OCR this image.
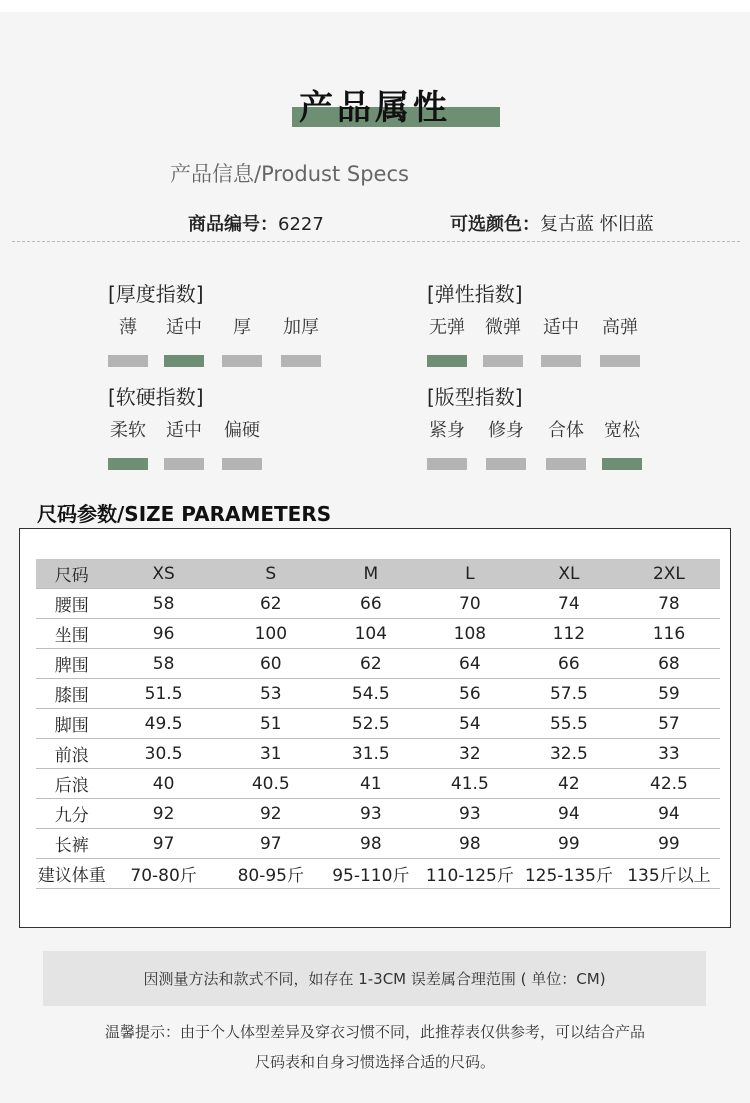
产品属性
产品信息/Produst Specs
商品编号：6227	可选颜色：复古蓝 怀旧蓝
[厚度指数]
薄	适中	厚	加厚
[弹性指数]
无弹 微弹 适中 高弹
[软硬指数]
柔软 适中 偏硬
[版型指数]
紧身 修身 合体 宽松
尺码参数/SIZE PARAMETERS
尺码	XS	S	M	L	XL	2XL
腰围	58	62	66	70	74	78
坐围	96	100	104	108	112	116
脾围	58	60	62	64	66	68
膝围	51.5	53	54.5	56	57.5	59
脚围	49.5	51	52.5	54	55.5	57
前浪	30.5	31	31.5	32	32.5	33
后浪	40	40.5	41	41.5	42	42.5
九分	92	92	93	93	94	94
长裤	97	97	98	98	99	99
建议体重	70-80斤	80-95斤	95-110斤	110-125斤	125-135斤	135斤以上
因测量方法和款式不同，如存在 1-3CM 误差属合理范围 ( 单位：CM)
温馨提示：由于个人体型差异及穿衣习惯不同，此推荐表仅供参考，可以结合产品
尺码表和自身习惯选择合适的尺码。
